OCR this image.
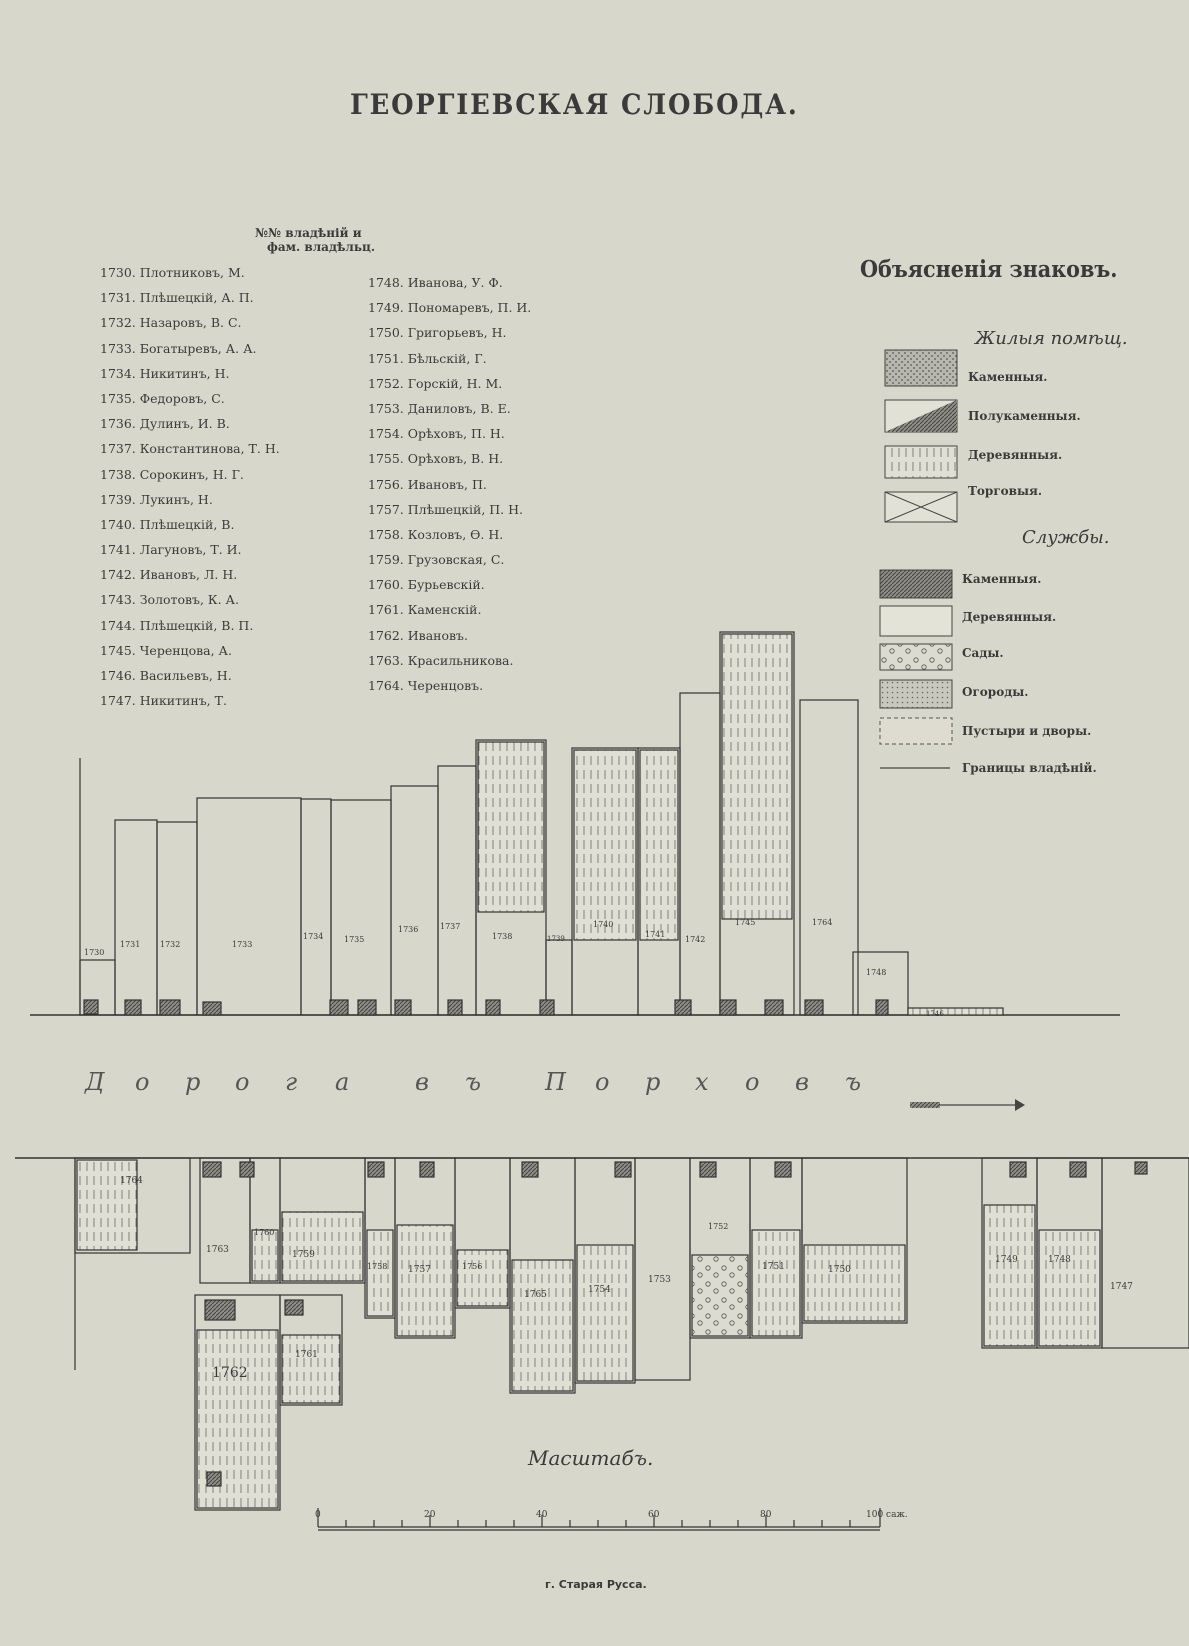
ГЕОРГІЕВСКАЯ СЛОБОДА.
№№ владѣній и
фам. владѣльц.
1730. Плотниковъ, М.
1731. Плѣшецкій, А. П.
1732. Назаровъ, В. С.
1733. Богатыревъ, А. А.
1734. Никитинъ, Н.
1735. Федоровъ, С.
1736. Дулинъ, И. В.
1737. Константинова, Т. Н.
1738. Сорокинъ, Н. Г.
1739. Лукинъ, Н.
1740. Плѣшецкій, В.
1741. Лагуновъ, Т. И.
1742. Ивановъ, Л. Н.
1743. Золотовъ, К. А.
1744. Плѣшецкій, В. П.
1745. Черенцова, А.
1746. Васильевъ, Н.
1747. Никитинъ, Т.
1748. Иванова, У. Ф.
1749. Пономаревъ, П. И.
1750. Григорьевъ, Н.
1751. Бѣльскій, Г.
1752. Горскій, Н. М.
1753. Даниловъ, В. Е.
1754. Орѣховъ, П. Н.
1755. Орѣховъ, В. Н.
1756. Ивановъ, П.
1757. Плѣшецкій, П. Н.
1758. Козловъ, Ө. Н.
1759. Грузовская, С.
1760. Бурьевскій.
1761. Каменскій.
1762. Ивановъ.
1763. Красильникова.
1764. Черенцовъ.
1730
1731 1732	1733
1734	1735
1736	1737
1738	1739
1740
1741
1742
1745	1764
1748
1746
Д о р о г а	в ъ	П о р х о в ъ
1764
1763
1760
1759
1758 1757	1756
1765	1754
1753
1752
1751	1750
1762
1761
1749	1748
1747
Объясненія знаковъ.
Жилыя помѣщ.
Службы.
Каменныя.
Полукаменныя.
Деревянныя.
Торговыя.
Каменныя.
Деревянныя.
Сады.
Огороды.
Пустыри и дворы.
Границы владѣній.
Масштабъ.
0	20	40	60	80	100 саж.
г. Старая Русса.
